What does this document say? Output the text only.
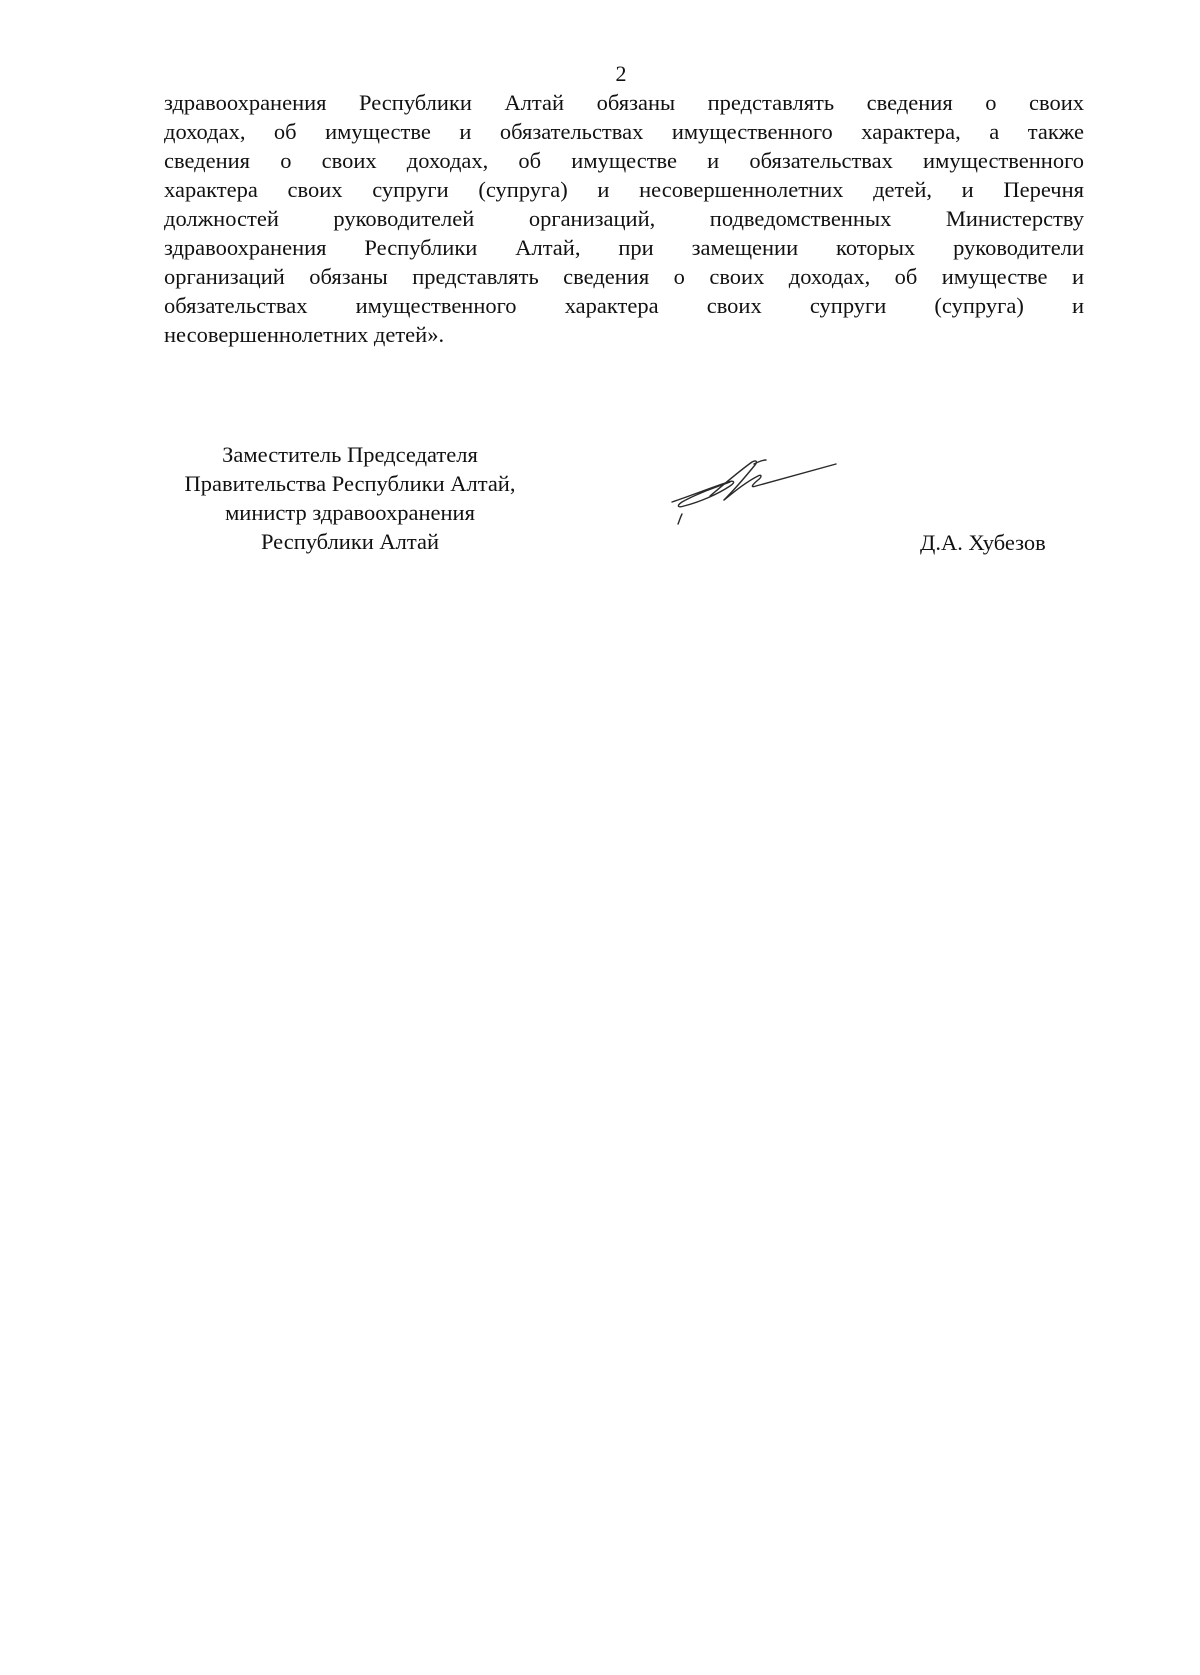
2
здравоохранения Республики Алтай обязаны представлять сведения о своих
доходах, об имуществе и обязательствах имущественного характера, а также
сведения о своих доходах, об имуществе и обязательствах имущественного
характера своих супруги (супруга) и несовершеннолетних детей, и Перечня
должностей руководителей организаций, подведомственных Министерству
здравоохранения Республики Алтай, при замещении которых руководители
организаций обязаны представлять сведения о своих доходах, об имуществе и
обязательствах имущественного характера своих супруги (супруга) и
несовершеннолетних детей».
Заместитель Председателя
Правительства Республики Алтай,
министр здравоохранения
Республики Алтай	Д.А. Хубезов
